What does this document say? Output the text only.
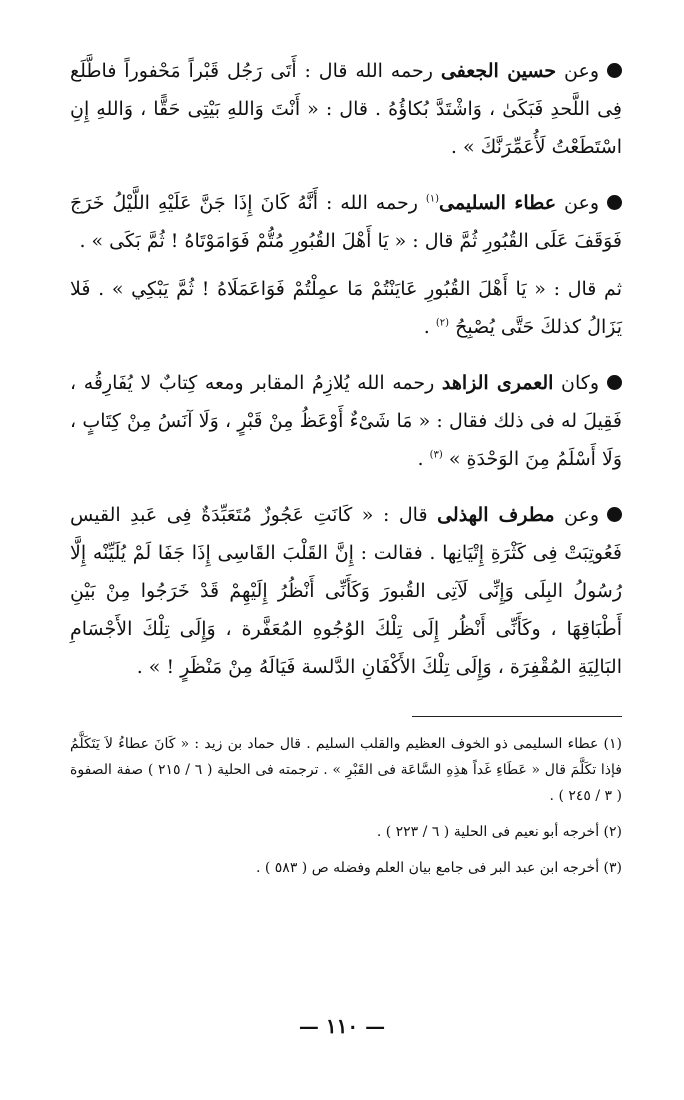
وعن حسين الجعفى رحمه الله قال : أَتَى رَجُل قَبْراً مَحْفوراً فاطَّلَع فِى اللَّحدِ فَبَكَىٰ ، وَاشْتَدَّ بُكاؤُهُ . قال : « أَنْتَ وَاللهِ بَيْتِى حَقًّا ، وَاللهِ إِنِ اسْتَطَعْتُ لَأُعَمِّرَنَّكَ » .

وعن عطاء السليمى$^{(١)}$ رحمه الله : أَنَّهُ كَانَ إِذَا جَنَّ عَلَيْهِ اللَّيْلُ خَرَجَ فَوَقَفَ عَلَى القُبُورِ ثُمَّ قال : « يَا أَهْلَ القُبُورِ مُتُّمْ فَوَامَوْتَاهُ ! ثُمَّ بَكَى » .

ثم قال : « يَا أَهْلَ القُبُورِ عَايَنْتُمْ مَا عمِلْتُمْ فَوَاعَمَلَاهُ ! ثُمَّ يَبْكِي » . فَلا يَزَالُ كذلكَ حَتَّى يُصْبِحُ $^{(٢)}$ .

وكان العمرى الزاهد رحمه الله يُلازِمُ المقابر ومعه كِتابٌ لا يُفَارِقُه ، فَقِيلَ له فى ذلك فقال : « مَا شَىْءٌ أَوْعَظُ مِنْ قَبْرٍ ، وَلَا آنَسُ مِنْ كِتَابٍ ، وَلَا أَسْلَمُ مِنَ الوَحْدَةِ » $^{(٣)}$ .

وعن مطرف الهذلى قال : « كَانَتِ عَجُوزٌ مُتَعَبِّدَةٌ فِى عَبدِ القيس فَعُوتِبَتْ فِى كَثْرَةِ إِتْيَانِها . فقالت : إِنَّ القَلْبَ القَاسِى إِذَا جَفَا لَمْ يُلَيِّنْه إِلَّا رُسُولُ البِلَى وَإِنِّى لَآتِى القُبورَ وَكَأَنِّى أَنْظُرُ إِلَيْهِمْ قَدْ خَرَجُوا مِنْ بَيْنِ أَطْبَاقِهَا ، وكَأَنِّى أَنْظُر إِلَى تِلْكَ الوُجُوهِ المُعَفَّرة ، وَإِلَى تِلْكَ الأَجْسَامِ البَالِيَةِ المُقْفِرَة ، وَإِلَى تِلْكَ الأَكْفَانِ الدَّلسة فَيَالَهُ مِنْ مَنْظَرٍ ! » .

(١) عطاء السليمى ذو الخوف العظيم والقلب السليم . قال حماد بن زيد : « كَانَ عطاءُ لاَ يَتَكَلَّمُ فإذا تكَلَّمَ قال « عَطَاءِ غَداً هذِهِ السَّاعَة فى القَبْرِ » . ترجمته فى الحلية ( ٦ / ٢١٥ ) صفة الصفوة ( ٣ / ٢٤٥ ) .

(٢) أخرجه أبو نعيم فى الحلية ( ٦ / ٢٢٣ ) .

(٣) أخرجه ابن عبد البر فى جامع بيان العلم وفضله ص ( ٥٨٣ ) .

— ١١٠ —
